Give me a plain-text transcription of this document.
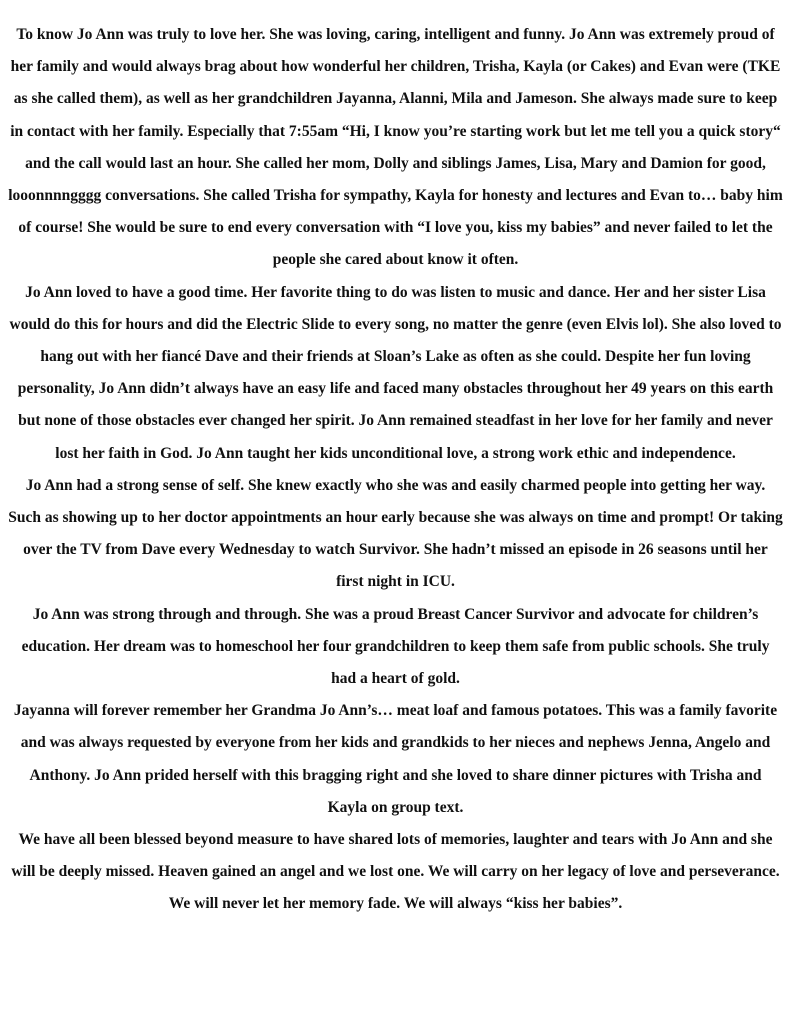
To know Jo Ann was truly to love her. She was loving, caring, intelligent and funny. Jo Ann was extremely proud of her family and would always brag about how wonderful her children, Trisha, Kayla (or Cakes) and Evan were (TKE as she called them), as well as her grandchildren Jayanna, Alanni, Mila and Jameson. She always made sure to keep in contact with her family. Especially that 7:55am “Hi, I know you’re starting work but let me tell you a quick story“ and the call would last an hour. She called her mom, Dolly and siblings James, Lisa, Mary and Damion for good, looonnnngggg conversations. She called Trisha for sympathy, Kayla for honesty and lectures and Evan to… baby him of course! She would be sure to end every conversation with “I love you, kiss my babies” and never failed to let the people she cared about know it often.

Jo Ann loved to have a good time. Her favorite thing to do was listen to music and dance. Her and her sister Lisa would do this for hours and did the Electric Slide to every song, no matter the genre (even Elvis lol). She also loved to hang out with her fiancé Dave and their friends at Sloan’s Lake as often as she could. Despite her fun loving personality, Jo Ann didn’t always have an easy life and faced many obstacles throughout her 49 years on this earth but none of those obstacles ever changed her spirit. Jo Ann remained steadfast in her love for her family and never lost her faith in God. Jo Ann taught her kids unconditional love, a strong work ethic and independence.

Jo Ann had a strong sense of self. She knew exactly who she was and easily charmed people into getting her way. Such as showing up to her doctor appointments an hour early because she was always on time and prompt! Or taking over the TV from Dave every Wednesday to watch Survivor. She hadn’t missed an episode in 26 seasons until her first night in ICU.

Jo Ann was strong through and through. She was a proud Breast Cancer Survivor and advocate for children’s education. Her dream was to homeschool her four grandchildren to keep them safe from public schools. She truly had a heart of gold.

Jayanna will forever remember her Grandma Jo Ann’s… meat loaf and famous potatoes. This was a family favorite and was always requested by everyone from her kids and grandkids to her nieces and nephews Jenna, Angelo and Anthony. Jo Ann prided herself with this bragging right and she loved to share dinner pictures with Trisha and Kayla on group text.

We have all been blessed beyond measure to have shared lots of memories, laughter and tears with Jo Ann and she will be deeply missed. Heaven gained an angel and we lost one. We will carry on her legacy of love and perseverance. We will never let her memory fade. We will always “kiss her babies”.
